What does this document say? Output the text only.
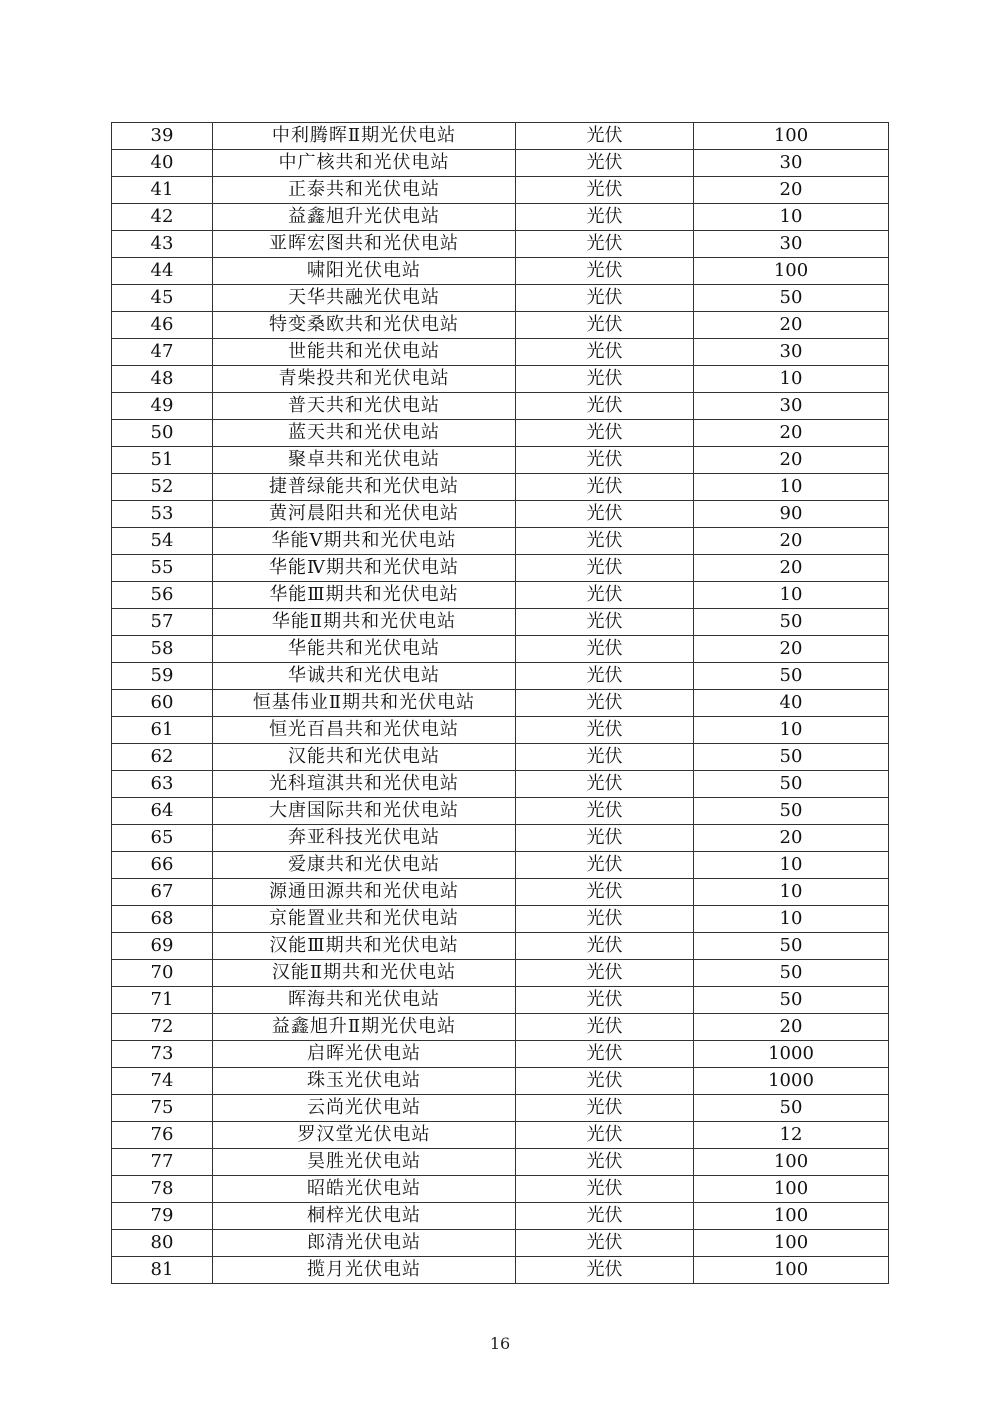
39	中利腾晖Ⅱ期光伏电站	光伏	100
40	中广核共和光伏电站	光伏	30
41	正泰共和光伏电站	光伏	20
42	益鑫旭升光伏电站	光伏	10
43	亚晖宏图共和光伏电站	光伏	30
44	啸阳光伏电站	光伏	100
45	天华共融光伏电站	光伏	50
46	特变桑欧共和光伏电站	光伏	20
47	世能共和光伏电站	光伏	30
48	青柴投共和光伏电站	光伏	10
49	普天共和光伏电站	光伏	30
50	蓝天共和光伏电站	光伏	20
51	聚卓共和光伏电站	光伏	20
52	捷普绿能共和光伏电站	光伏	10
53	黄河晨阳共和光伏电站	光伏	90
54	华能Ⅴ期共和光伏电站	光伏	20
55	华能Ⅳ期共和光伏电站	光伏	20
56	华能Ⅲ期共和光伏电站	光伏	10
57	华能Ⅱ期共和光伏电站	光伏	50
58	华能共和光伏电站	光伏	20
59	华诚共和光伏电站	光伏	50
60	恒基伟业Ⅱ期共和光伏电站	光伏	40
61	恒光百昌共和光伏电站	光伏	10
62	汉能共和光伏电站	光伏	50
63	光科瑄淇共和光伏电站	光伏	50
64	大唐国际共和光伏电站	光伏	50
65	奔亚科技光伏电站	光伏	20
66	爱康共和光伏电站	光伏	10
67	源通田源共和光伏电站	光伏	10
68	京能置业共和光伏电站	光伏	10
69	汉能Ⅲ期共和光伏电站	光伏	50
70	汉能Ⅱ期共和光伏电站	光伏	50
71	晖海共和光伏电站	光伏	50
72	益鑫旭升Ⅱ期光伏电站	光伏	20
73	启晖光伏电站	光伏	1000
74	珠玉光伏电站	光伏	1000
75	云尚光伏电站	光伏	50
76	罗汉堂光伏电站	光伏	12
77	昊胜光伏电站	光伏	100
78	昭皓光伏电站	光伏	100
79	桐梓光伏电站	光伏	100
80	郎清光伏电站	光伏	100
81	揽月光伏电站	光伏	100
16
